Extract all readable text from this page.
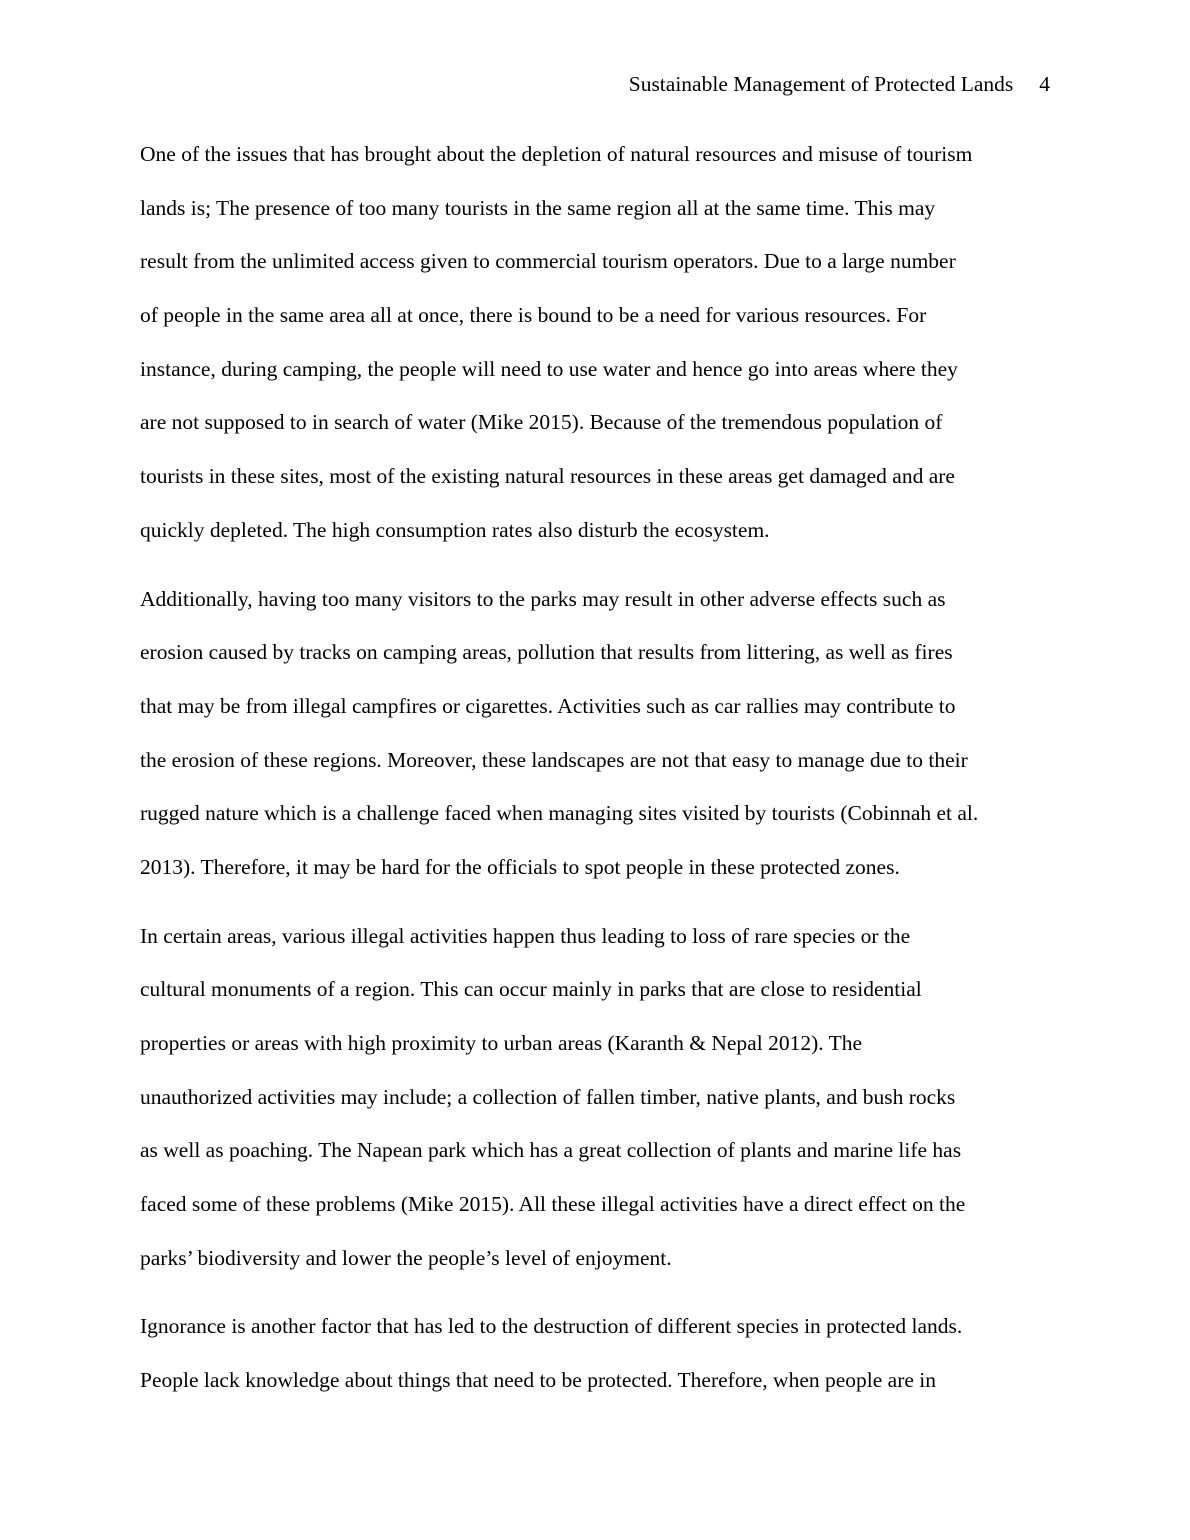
Sustainable Management of Protected Lands 4
One of the issues that has brought about the depletion of natural resources and misuse of tourism
lands is; The presence of too many tourists in the same region all at the same time. This may
result from the unlimited access given to commercial tourism operators. Due to a large number
of people in the same area all at once, there is bound to be a need for various resources. For
instance, during camping, the people will need to use water and hence go into areas where they
are not supposed to in search of water (Mike 2015). Because of the tremendous population of
tourists in these sites, most of the existing natural resources in these areas get damaged and are
quickly depleted. The high consumption rates also disturb the ecosystem.
Additionally, having too many visitors to the parks may result in other adverse effects such as
erosion caused by tracks on camping areas, pollution that results from littering, as well as fires
that may be from illegal campfires or cigarettes. Activities such as car rallies may contribute to
the erosion of these regions. Moreover, these landscapes are not that easy to manage due to their
rugged nature which is a challenge faced when managing sites visited by tourists (Cobinnah et al.
2013). Therefore, it may be hard for the officials to spot people in these protected zones.
In certain areas, various illegal activities happen thus leading to loss of rare species or the
cultural monuments of a region. This can occur mainly in parks that are close to residential
properties or areas with high proximity to urban areas (Karanth & Nepal 2012). The
unauthorized activities may include; a collection of fallen timber, native plants, and bush rocks
as well as poaching. The Napean park which has a great collection of plants and marine life has
faced some of these problems (Mike 2015). All these illegal activities have a direct effect on the
parks’ biodiversity and lower the people’s level of enjoyment.
Ignorance is another factor that has led to the destruction of different species in protected lands.
People lack knowledge about things that need to be protected. Therefore, when people are in
